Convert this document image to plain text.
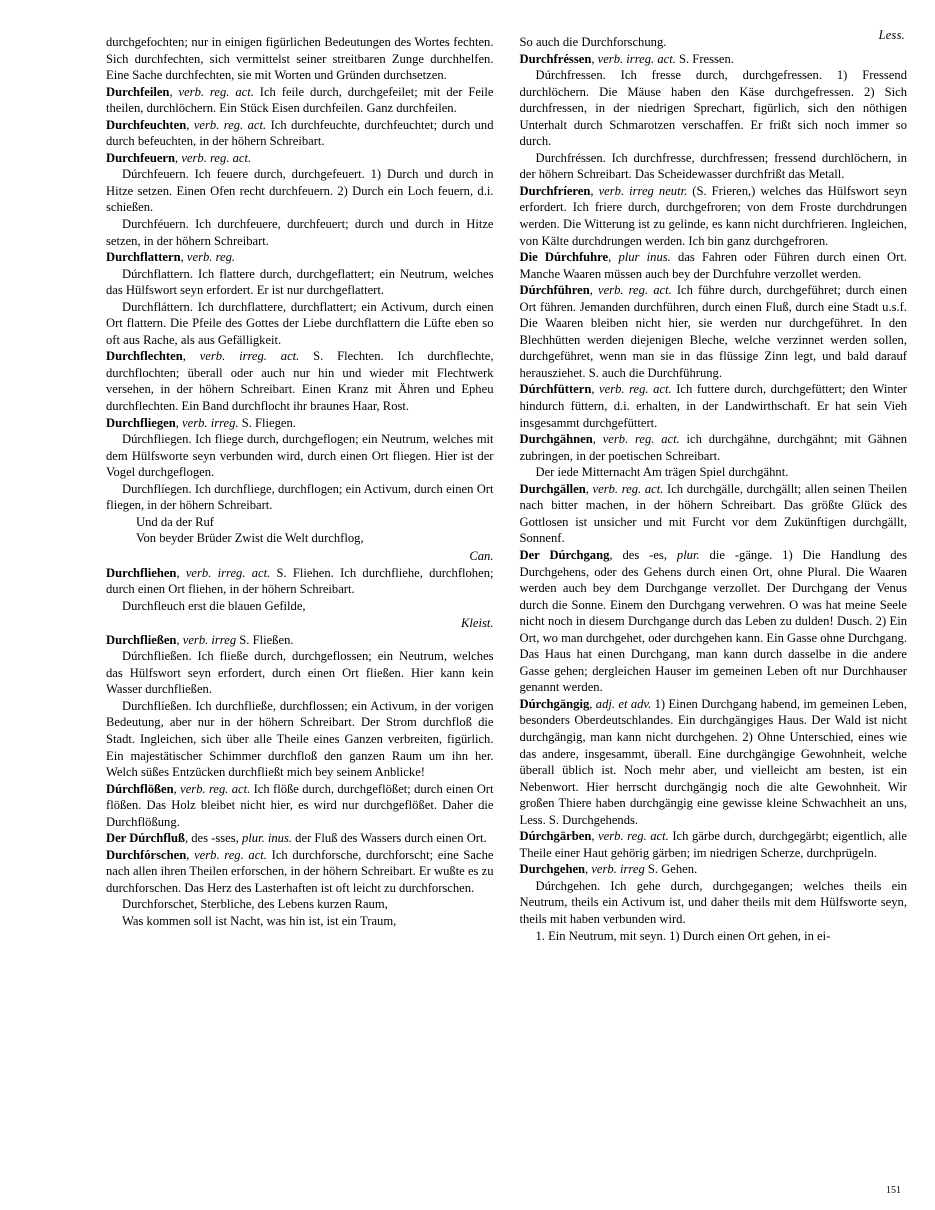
Less.

durchgefochten; nur in einigen figürlichen Bedeutungen des Wortes fechten. Sich durchfechten, sich vermittelst seiner streitbaren Zunge durchhelfen. Eine Sache durchfechten, sie mit Worten und Gründen durchsetzen.

Durchfeilen, verb. reg. act. Ich feile durch, durchgefeilet; mit der Feile theilen, durchlöchern. Ein Stück Eisen durchfeilen. Ganz durchfeilen.

Durchfeuchten, verb. reg. act. Ich durchfeuchte, durchfeuchtet; durch und durch befeuchten, in der höhern Schreibart.

Durchfeuern, verb. reg. act.

Dúrchfeuern. Ich feuere durch, durchgefeuert. 1) Durch und durch in Hitze setzen. Einen Ofen recht durchfeuern. 2) Durch ein Loch feuern, d.i. schießen.

Durchféuern. Ich durchfeuere, durchfeuert; durch und durch in Hitze setzen, in der höhern Schreibart.

Durchflattern, verb. reg.

Dúrchflattern. Ich flattere durch, durchgeflattert; ein Neutrum, welches das Hülfswort seyn erfordert. Er ist nur durchgeflattert.

Durchfláttern. Ich durchflattere, durchflattert; ein Activum, durch einen Ort flattern. Die Pfeile des Gottes der Liebe durchflattern die Lüfte eben so oft aus Rache, als aus Gefälligkeit.

Durchflechten, verb. irreg. act. S. Flechten. Ich durchflechte, durchflochten; überall oder auch nur hin und wieder mit Flechtwerk versehen, in der höhern Schreibart. Einen Kranz mit Ähren und Epheu durchflechten. Ein Band durchflocht ihr braunes Haar, Rost.

Durchfliegen, verb. irreg. S. Fliegen.

Dúrchfliegen. Ich fliege durch, durchgeflogen; ein Neutrum, welches mit dem Hülfsworte seyn verbunden wird, durch einen Ort fliegen. Hier ist der Vogel durchgeflogen.

Durchflíegen. Ich durchfliege, durchflogen; ein Activum, durch einen Ort fliegen, in der höhern Schreibart.

Und da der Ruf

Von beyder Brüder Zwist die Welt durchflog,

Can.

Durchfliehen, verb. irreg. act. S. Fliehen. Ich durchfliehe, durchflohen; durch einen Ort fliehen, in der höhern Schreibart.

Durchfleuch erst die blauen Gefilde,

Kleist.

Durchfließen, verb. irreg S. Fließen.

Dúrchfließen. Ich fließe durch, durchgeflossen; ein Neutrum, welches das Hülfswort seyn erfordert, durch einen Ort fließen. Hier kann kein Wasser durchfließen.

Durchflíeßen. Ich durchfließe, durchflossen; ein Activum, in der vorigen Bedeutung, aber nur in der höhern Schreibart. Der Strom durchfloß die Stadt. Ingleichen, sich über alle Theile eines Ganzen verbreiten, figürlich. Ein majestätischer Schimmer durchfloß den ganzen Raum um ihn her. Welch süßes Entzücken durchfließt mich bey seinem Anblicke!

Dúrchflößen, verb. reg. act. Ich flöße durch, durchgeflößet; durch einen Ort flößen. Das Holz bleibet nicht hier, es wird nur durchgeflößet. Daher die Durchflößung.

Der Dúrchfluß, des -sses, plur. inus. der Fluß des Wassers durch einen Ort.

Durchfórschen, verb. reg. act. Ich durchforsche, durchforscht; eine Sache nach allen ihren Theilen erforschen, in der höhern Schreibart. Er wußte es zu durchforschen. Das Herz des Lasterhaften ist oft leicht zu durchforschen.

Durchforschet, Sterbliche, des Lebens kurzen Raum,

Was kommen soll ist Nacht, was hin ist, ist ein Traum,

So auch die Durchforschung.

Durchfréssen, verb. irreg. act. S. Fressen.

Dúrchfressen. Ich fresse durch, durchgefressen. 1) Fressend durchlöchern. Die Mäuse haben den Käse durchgefressen. 2) Sich durchfressen, in der niedrigen Sprechart, figürlich, sich den nöthigen Unterhalt durch Schmarotzen verschaffen. Er frißt sich noch immer so durch.

Durchfréssen. Ich durchfresse, durchfressen; fressend durchlöchern, in der höhern Schreibart. Das Scheidewasser durchfrißt das Metall.

Durchfríeren, verb. irreg neutr. (S. Frieren,) welches das Hülfswort seyn erfordert. Ich friere durch, durchgefroren; von dem Froste durchdrungen werden. Die Witterung ist zu gelinde, es kann nicht durchfrieren. Ingleichen, von Kälte durchdrungen werden. Ich bin ganz durchgefroren.

Die Dúrchfuhre, plur inus. das Fahren oder Führen durch einen Ort. Manche Waaren müssen auch bey der Durchfuhre verzollet werden.

Dúrchführen, verb. reg. act. Ich führe durch, durchgeführet; durch einen Ort führen. Jemanden durchführen, durch einen Fluß, durch eine Stadt u.s.f. Die Waaren bleiben nicht hier, sie werden nur durchgeführet. In den Blechhütten werden diejenigen Bleche, welche verzinnet werden sollen, durchgeführet, wenn man sie in das flüssige Zinn legt, und bald darauf herausziehet. S. auch die Durchführung.

Dúrchfüttern, verb. reg. act. Ich futtere durch, durchgefüttert; den Winter hindurch füttern, d.i. erhalten, in der Landwirthschaft. Er hat sein Vieh insgesammt durchgefüttert.

Durchgähnen, verb. reg. act. ich durchgähne, durchgähnt; mit Gähnen zubringen, in der poetischen Schreibart.

Der iede Mitternacht Am trägen Spiel durchgähnt.

Durchgällen, verb. reg. act. Ich durchgälle, durchgällt; allen seinen Theilen nach bitter machen, in der höhern Schreibart. Das größte Glück des Gottlosen ist unsicher und mit Furcht vor dem Zukünftigen durchgällt, Sonnenf.

Der Dúrchgang, des -es, plur. die -gänge. 1) Die Handlung des Durchgehens, oder des Gehens durch einen Ort, ohne Plural. Die Waaren werden auch bey dem Durchgange verzollet. Der Durchgang der Venus durch die Sonne. Einem den Durchgang verwehren. O was hat meine Seele nicht noch in diesem Durchgange durch das Leben zu dulden! Dusch. 2) Ein Ort, wo man durchgehet, oder durchgehen kann. Ein Gasse ohne Durchgang. Das Haus hat einen Durchgang, man kann durch dasselbe in die andere Gasse gehen; dergleichen Hauser im gemeinen Leben oft nur Durchhauser genannt werden.

Dúrchgängig, adj. et adv. 1) Einen Durchgang habend, im gemeinen Leben, besonders Oberdeutschlandes. Ein durchgängiges Haus. Der Wald ist nicht durchgängig, man kann nicht durchgehen. 2) Ohne Unterschied, eines wie das andere, insgesammt, überall. Eine durchgängige Gewohnheit, welche überall üblich ist. Noch mehr aber, und vielleicht am besten, ist ein Nebenwort. Hier herrscht durchgängig noch die alte Gewohnheit. Wir großen Thiere haben durchgängig eine gewisse kleine Schwachheit an uns, Less. S. Durchgehends.

Dúrchgärben, verb. reg. act. Ich gärbe durch, durchgegärbt; eigentlich, alle Theile einer Haut gehörig gärben; im niedrigen Scherze, durchprügeln.

Durchgehen, verb. irreg S. Gehen.

Dúrchgehen. Ich gehe durch, durchgegangen; welches theils ein Neutrum, theils ein Activum ist, und daher theils mit dem Hülfsworte seyn, theils mit haben verbunden wird.

1. Ein Neutrum, mit seyn. 1) Durch einen Ort gehen, in ei-

151
